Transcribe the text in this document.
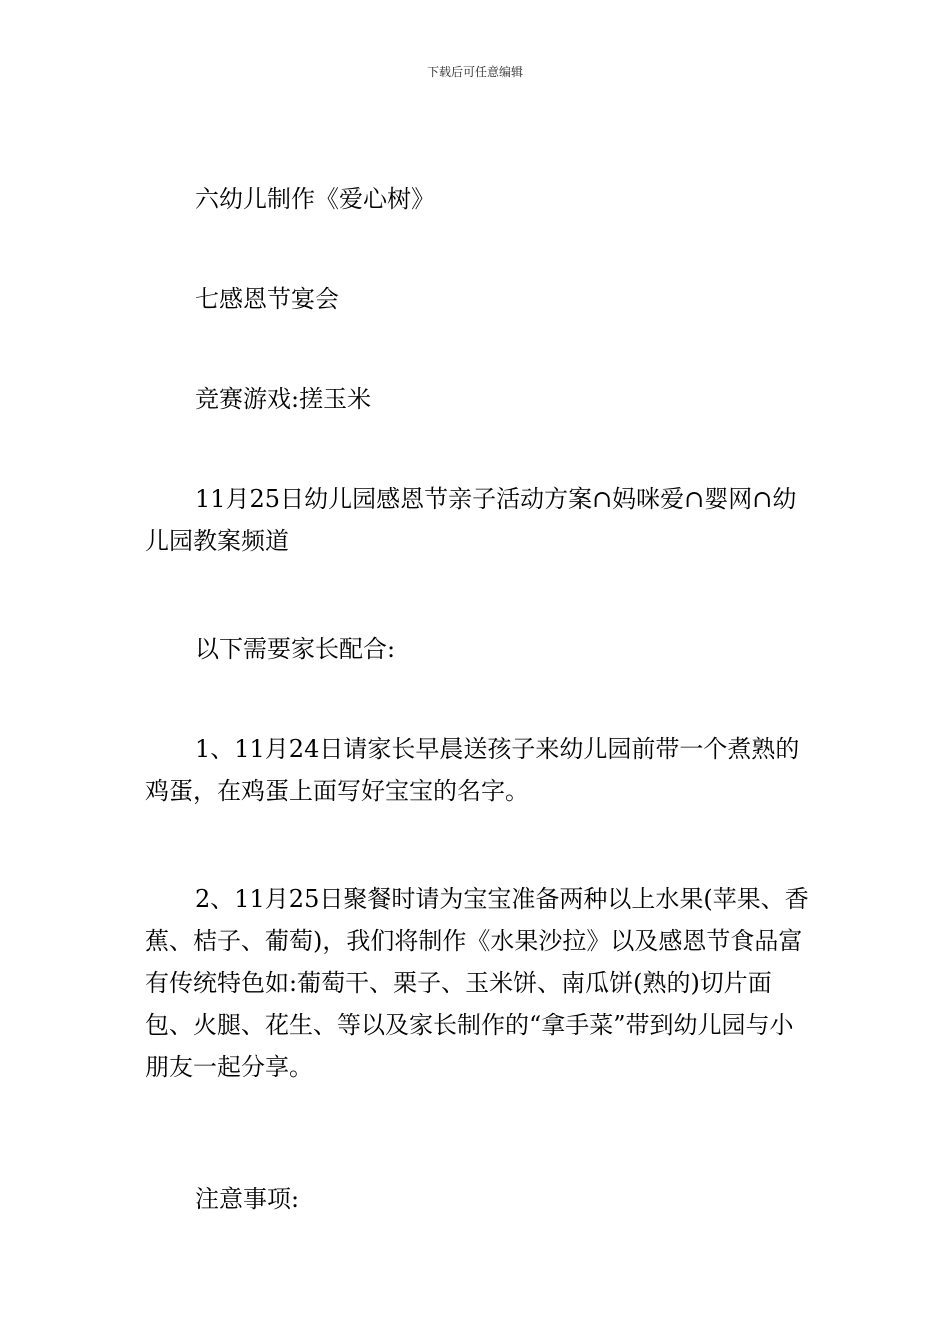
下载后可任意编辑

六幼儿制作《爱心树》

七感恩节宴会

竞赛游戏:搓玉米

11月25日幼儿园感恩节亲子活动方案∩妈咪爱∩婴网∩幼儿园教案频道

以下需要家长配合:

1、11月24日请家长早晨送孩子来幼儿园前带一个煮熟的鸡蛋，在鸡蛋上面写好宝宝的名字。

2、11月25日聚餐时请为宝宝准备两种以上水果(苹果、香蕉、桔子、葡萄)，我们将制作《水果沙拉》以及感恩节食品富有传统特色如:葡萄干、栗子、玉米饼、南瓜饼(熟的)切片面包、火腿、花生、等以及家长制作的“拿手菜”带到幼儿园与小朋友一起分享。

注意事项:
